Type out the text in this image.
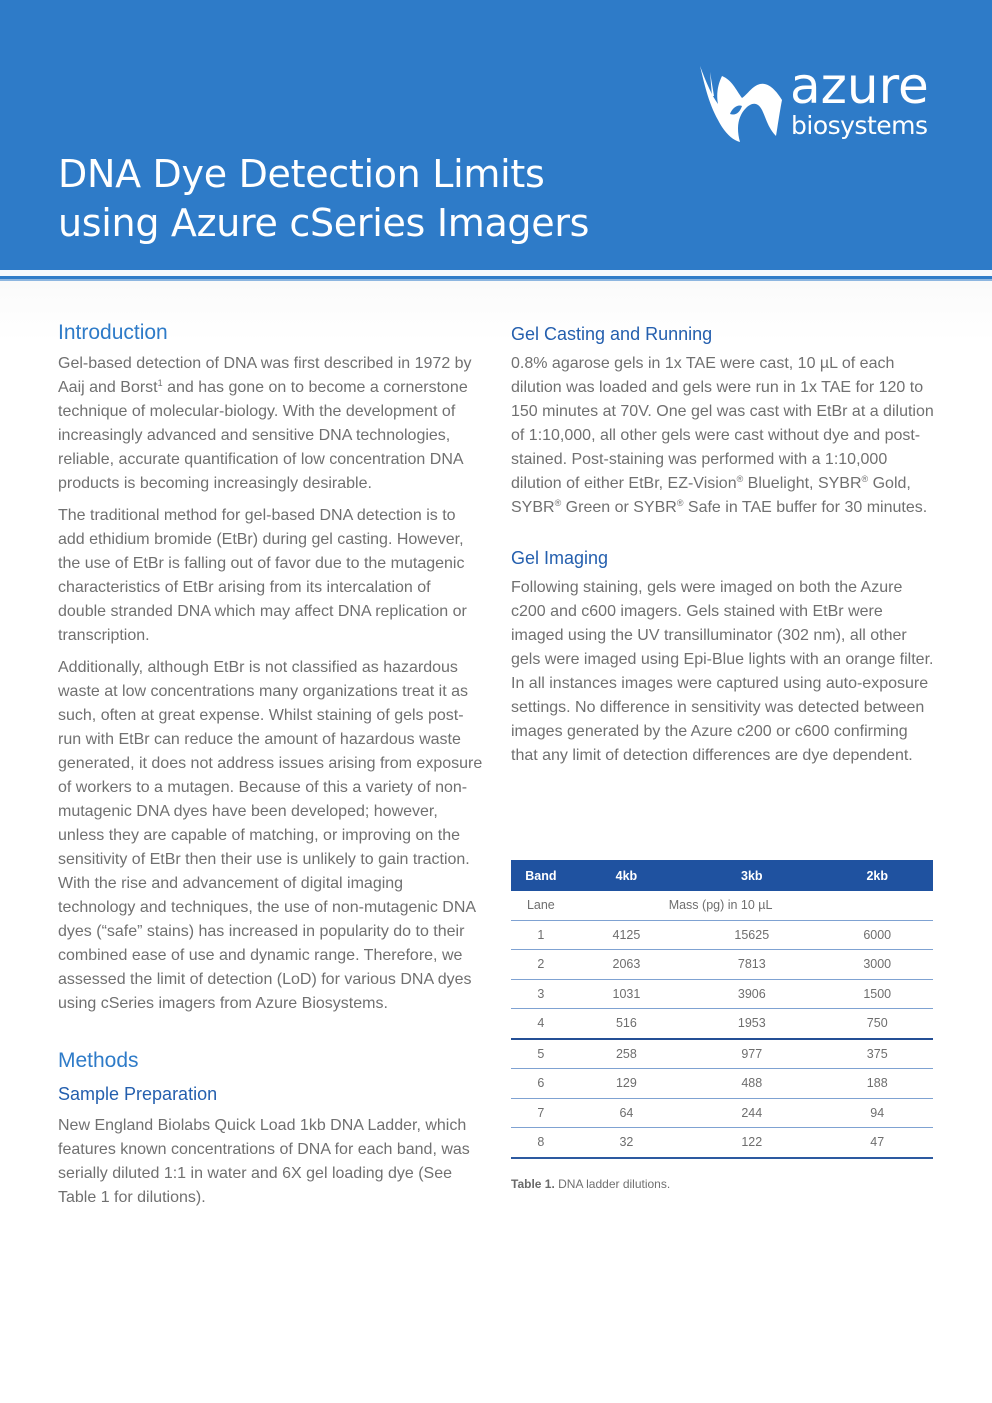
azure
biosystems
DNA Dye Detection Limits
using Azure cSeries Imagers
Introduction

Gel-based detection of DNA was first described in 1972 by Aaij and Borst$^1$ and has gone on to become a cornerstone technique of molecular-biology. With the development of increasingly advanced and sensitive DNA technologies, reliable, accurate quantification of low concentration DNA products is becoming increasingly desirable.

The traditional method for gel-based DNA detection is to add ethidium bromide (EtBr) during gel casting. However, the use of EtBr is falling out of favor due to the mutagenic characteristics of EtBr arising from its intercalation of double stranded DNA which may affect DNA replication or transcription.

Additionally, although EtBr is not classified as hazardous waste at low concentrations many organizations treat it as such, often at great expense. Whilst staining of gels post-run with EtBr can reduce the amount of hazardous waste generated, it does not address issues arising from exposure of workers to a mutagen. Because of this a variety of non-mutagenic DNA dyes have been developed; however, unless they are capable of matching, or improving on the sensitivity of EtBr then their use is unlikely to gain traction. With the rise and advancement of digital imaging technology and techniques, the use of non-mutagenic DNA dyes (“safe” stains) has increased in popularity do to their combined ease of use and dynamic range. Therefore, we assessed the limit of detection (LoD) for various DNA dyes using cSeries imagers from Azure Biosystems.

Methods
Sample Preparation

New England Biolabs Quick Load 1kb DNA Ladder, which features known concentrations of DNA for each band, was serially diluted 1:1 in water and 6X gel loading dye (See Table 1 for dilutions).

Gel Casting and Running

0.8% agarose gels in 1x TAE were cast, 10 µL of each dilution was loaded and gels were run in 1x TAE for 120 to 150 minutes at 70V. One gel was cast with EtBr at a dilution of 1:10,000, all other gels were cast without dye and post-stained. Post-staining was performed with a 1:10,000 dilution of either EtBr, EZ-Vision® Bluelight, SYBR® Gold, SYBR® Green or SYBR® Safe in TAE buffer for 30 minutes.

Gel Imaging

Following staining, gels were imaged on both the Azure c200 and c600 imagers. Gels stained with EtBr were imaged using the UV transilluminator (302 nm), all other gels were imaged using Epi-Blue lights with an orange filter. In all instances images were captured using auto-exposure settings. No difference in sensitivity was detected between images generated by the Azure c200 or c600 confirming that any limit of detection differences are dye dependent.

Band	4kb	3kb	2kb
Lane	Mass (pg) in 10 µL		
1	4125	15625	6000
2	2063	7813	3000
3	1031	3906	1500
4	516	1953	750
5	258	977	375
6	129	488	188
7	64	244	94
8	32	122	47
Table 1. DNA ladder dilutions.
